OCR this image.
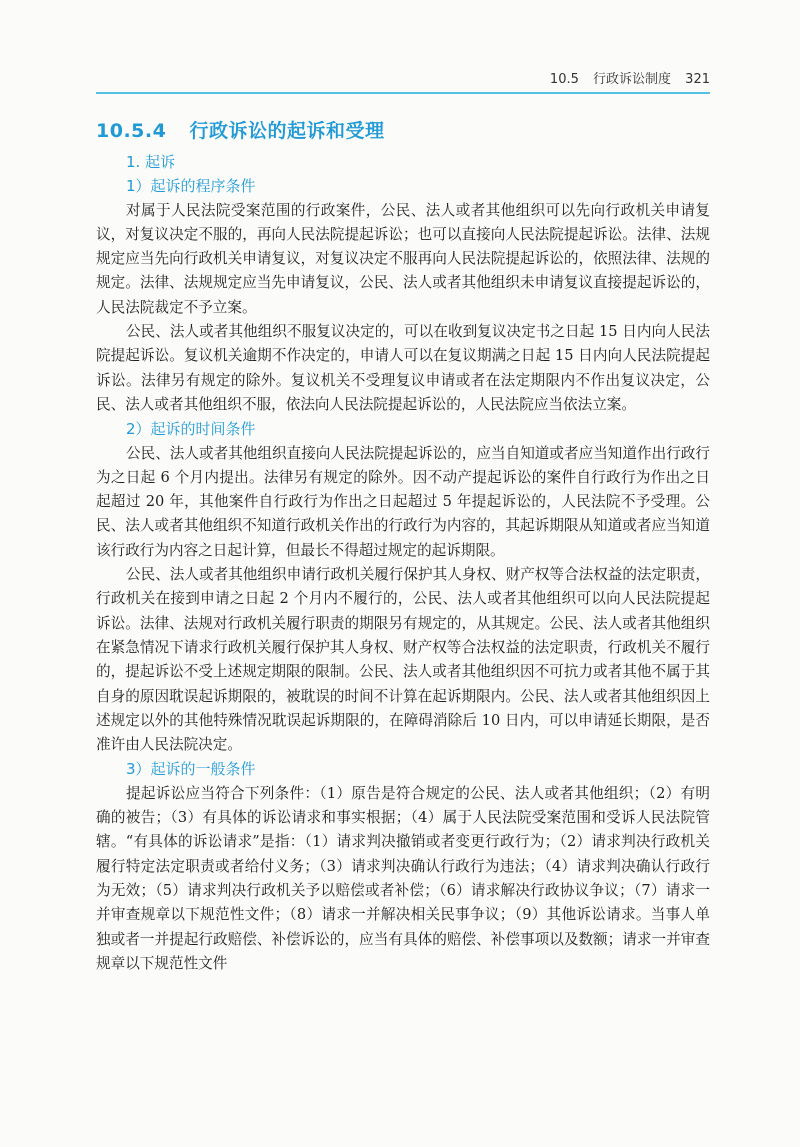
10.5 行政诉讼制度 321
10.5.4 行政诉讼的起诉和受理
1. 起诉
1）起诉的程序条件

对属于人民法院受案范围的行政案件，公民、法人或者其他组织可以先向行政机关申请复议，对复议决定不服的，再向人民法院提起诉讼；也可以直接向人民法院提起诉讼。法律、法规规定应当先向行政机关申请复议，对复议决定不服再向人民法院提起诉讼的，依照法律、法规的规定。法律、法规规定应当先申请复议，公民、法人或者其他组织未申请复议直接提起诉讼的，人民法院裁定不予立案。

公民、法人或者其他组织不服复议决定的，可以在收到复议决定书之日起 15 日内向人民法院提起诉讼。复议机关逾期不作决定的，申请人可以在复议期满之日起 15 日内向人民法院提起诉讼。法律另有规定的除外。复议机关不受理复议申请或者在法定期限内不作出复议决定，公民、法人或者其他组织不服，依法向人民法院提起诉讼的，人民法院应当依法立案。

2）起诉的时间条件

公民、法人或者其他组织直接向人民法院提起诉讼的，应当自知道或者应当知道作出行政行为之日起 6 个月内提出。法律另有规定的除外。因不动产提起诉讼的案件自行政行为作出之日起超过 20 年，其他案件自行政行为作出之日起超过 5 年提起诉讼的，人民法院不予受理。公民、法人或者其他组织不知道行政机关作出的行政行为内容的，其起诉期限从知道或者应当知道该行政行为内容之日起计算，但最长不得超过规定的起诉期限。

公民、法人或者其他组织申请行政机关履行保护其人身权、财产权等合法权益的法定职责，行政机关在接到申请之日起 2 个月内不履行的，公民、法人或者其他组织可以向人民法院提起诉讼。法律、法规对行政机关履行职责的期限另有规定的，从其规定。公民、法人或者其他组织在紧急情况下请求行政机关履行保护其人身权、财产权等合法权益的法定职责，行政机关不履行的，提起诉讼不受上述规定期限的限制。公民、法人或者其他组织因不可抗力或者其他不属于其自身的原因耽误起诉期限的，被耽误的时间不计算在起诉期限内。公民、法人或者其他组织因上述规定以外的其他特殊情况耽误起诉期限的，在障碍消除后 10 日内，可以申请延长期限，是否准许由人民法院决定。

3）起诉的一般条件

提起诉讼应当符合下列条件：（1）原告是符合规定的公民、法人或者其他组织；（2）有明确的被告；（3）有具体的诉讼请求和事实根据；（4）属于人民法院受案范围和受诉人民法院管辖。“有具体的诉讼请求”是指：（1）请求判决撤销或者变更行政行为；（2）请求判决行政机关履行特定法定职责或者给付义务；（3）请求判决确认行政行为违法；（4）请求判决确认行政行为无效；（5）请求判决行政机关予以赔偿或者补偿；（6）请求解决行政协议争议；（7）请求一并审查规章以下规范性文件；（8）请求一并解决相关民事争议；（9）其他诉讼请求。当事人单独或者一并提起行政赔偿、补偿诉讼的，应当有具体的赔偿、补偿事项以及数额；请求一并审查规章以下规范性文件
